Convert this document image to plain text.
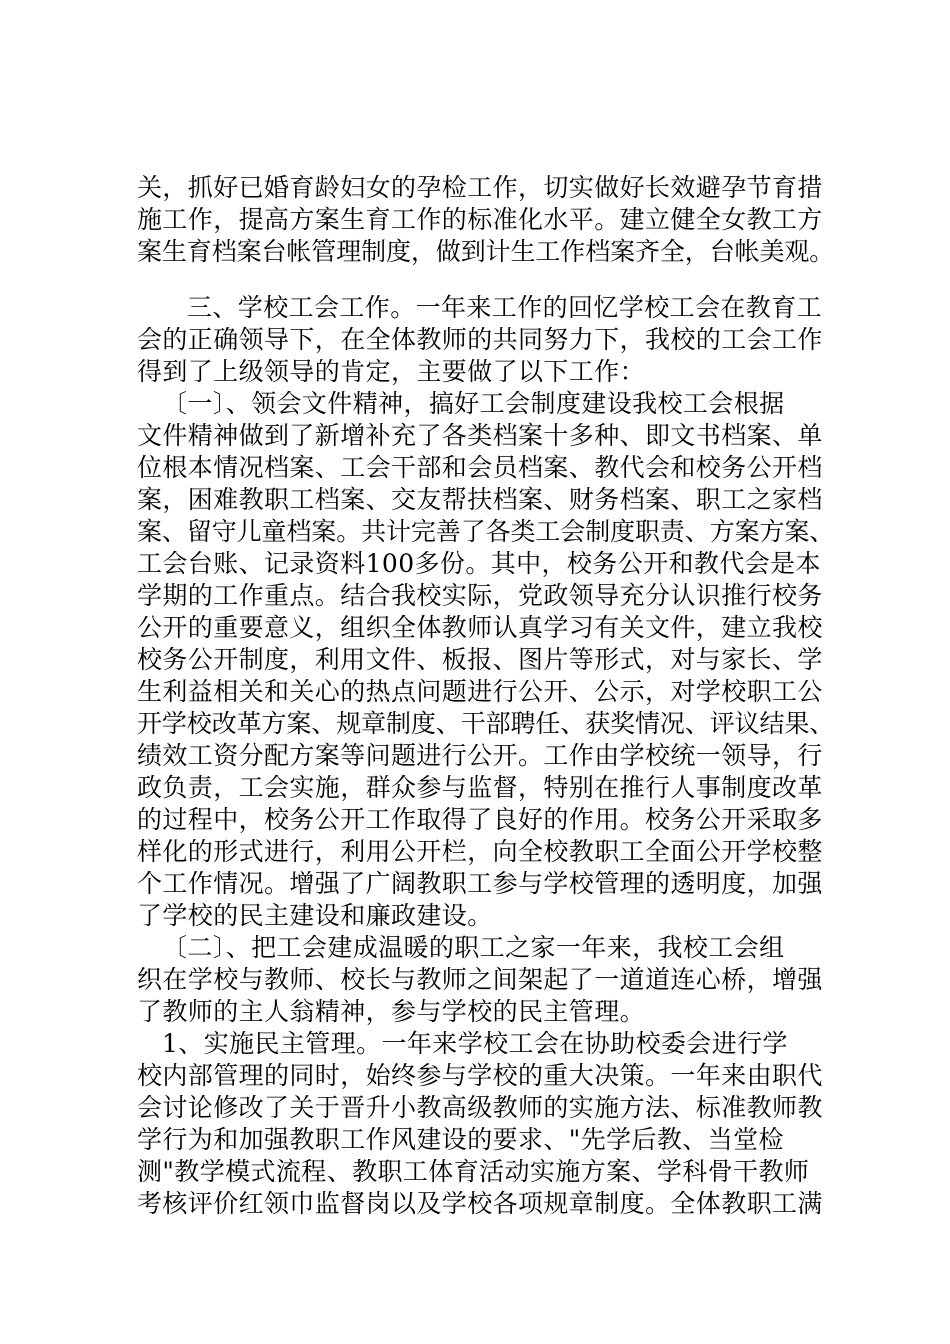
关，抓好已婚育龄妇女的孕检工作，切实做好长效避孕节育措
施工作，提高方案生育工作的标准化水平。建立健全女教工方
案生育档案台帐管理制度，做到计生工作档案齐全，台帐美观。
三、学校工会工作。一年来工作的回忆学校工会在教育工
会的正确领导下，在全体教师的共同努力下，我校的工会工作
得到了上级领导的肯定，主要做了以下工作：
〔一〕、领会文件精神，搞好工会制度建设我校工会根据
文件精神做到了新增补充了各类档案十多种、即文书档案、单
位根本情况档案、工会干部和会员档案、教代会和校务公开档
案，困难教职工档案、交友帮扶档案、财务档案、职工之家档
案、留守儿童档案。共计完善了各类工会制度职责、方案方案、
工会台账、记录资料100多份。其中，校务公开和教代会是本
学期的工作重点。结合我校实际，党政领导充分认识推行校务
公开的重要意义，组织全体教师认真学习有关文件，建立我校
校务公开制度，利用文件、板报、图片等形式，对与家长、学
生利益相关和关心的热点问题进行公开、公示，对学校职工公
开学校改革方案、规章制度、干部聘任、获奖情况、评议结果、
绩效工资分配方案等问题进行公开。工作由学校统一领导，行
政负责，工会实施，群众参与监督，特别在推行人事制度改革
的过程中，校务公开工作取得了良好的作用。校务公开采取多
样化的形式进行，利用公开栏，向全校教职工全面公开学校整
个工作情况。增强了广阔教职工参与学校管理的透明度，加强
了学校的民主建设和廉政建设。
〔二〕、把工会建成温暖的职工之家一年来，我校工会组
织在学校与教师、校长与教师之间架起了一道道连心桥，增强
了教师的主人翁精神，参与学校的民主管理。
1、实施民主管理。一年来学校工会在协助校委会进行学
校内部管理的同时，始终参与学校的重大决策。一年来由职代
会讨论修改了关于晋升小教高级教师的实施方法、标准教师教
学行为和加强教职工作风建设的要求、"先学后教、当堂检
测"教学模式流程、教职工体育活动实施方案、学科骨干教师
考核评价红领巾监督岗以及学校各项规章制度。全体教职工满
